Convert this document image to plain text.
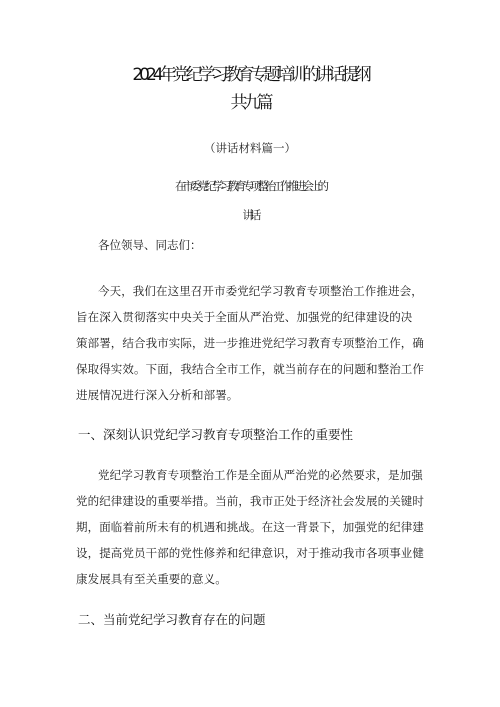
2024年党纪学习教育专题培训的讲话提纲
共九篇
（讲话材料篇一）
在市委党纪学习教育专项整治工作推进会上的
讲话
各位领导、同志们：
今天，我们在这里召开市委党纪学习教育专项整治工作推进会，
旨在深入贯彻落实中央关于全面从严治党、加强党的纪律建设的决
策部署，结合我市实际，进一步推进党纪学习教育专项整治工作，确
保取得实效。下面，我结合全市工作，就当前存在的问题和整治工作
进展情况进行深入分析和部署。
一、深刻认识党纪学习教育专项整治工作的重要性
党纪学习教育专项整治工作是全面从严治党的必然要求，是加强
党的纪律建设的重要举措。当前，我市正处于经济社会发展的关键时
期，面临着前所未有的机遇和挑战。在这一背景下，加强党的纪律建
设，提高党员干部的党性修养和纪律意识，对于推动我市各项事业健
康发展具有至关重要的意义。
二、当前党纪学习教育存在的问题
